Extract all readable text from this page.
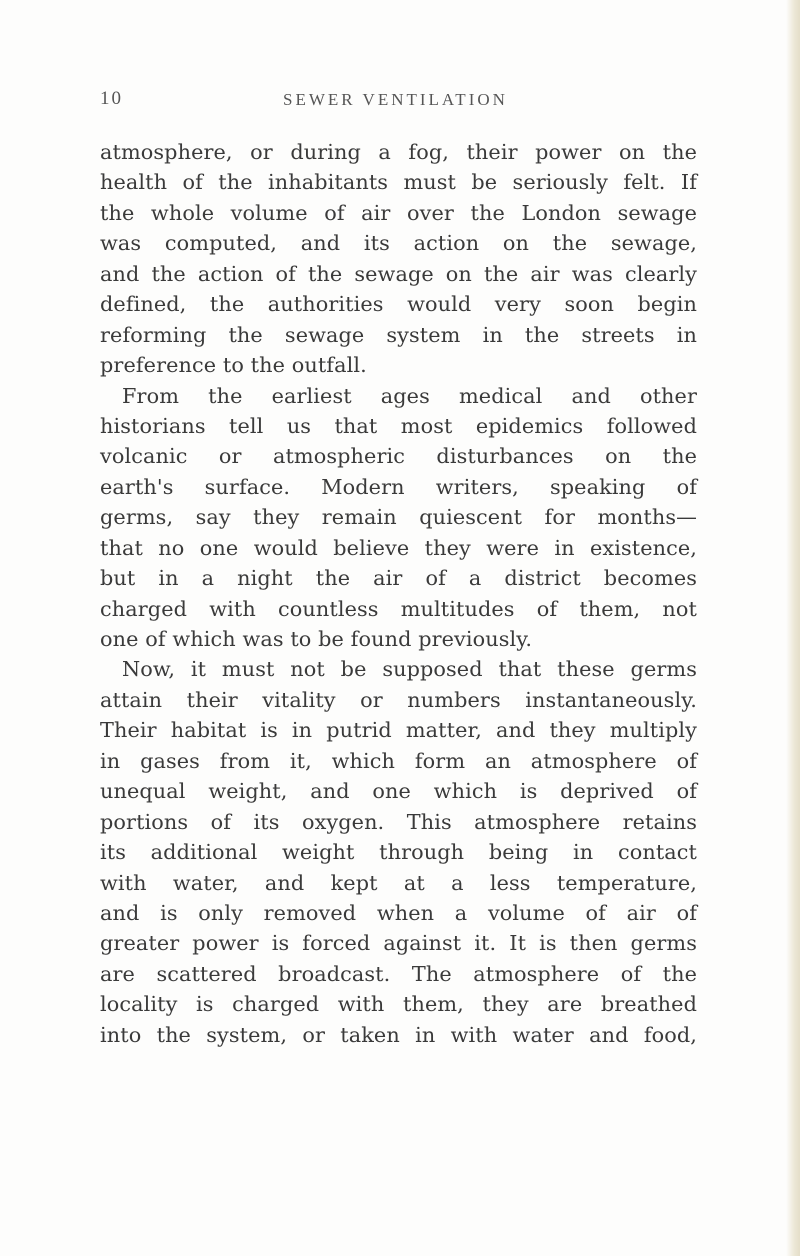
10	SEWER VENTILATION
atmosphere, or during a fog, their power on the
health of the inhabitants must be seriously felt. If
the whole volume of air over the London sewage
was computed, and its action on the sewage,
and the action of the sewage on the air was clearly
defined, the authorities would very soon begin
reforming the sewage system in the streets in
preference to the outfall.
From the earliest ages medical and other
historians tell us that most epidemics followed
volcanic or atmospheric disturbances on the
earth's surface. Modern writers, speaking of
germs, say they remain quiescent for months—
that no one would believe they were in existence,
but in a night the air of a district becomes
charged with countless multitudes of them, not
one of which was to be found previously.
Now, it must not be supposed that these germs
attain their vitality or numbers instantaneously.
Their habitat is in putrid matter, and they multiply
in gases from it, which form an atmosphere of
unequal weight, and one which is deprived of
portions of its oxygen. This atmosphere retains
its additional weight through being in contact
with water, and kept at a less temperature,
and is only removed when a volume of air of
greater power is forced against it. It is then germs
are scattered broadcast. The atmosphere of the
locality is charged with them, they are breathed
into the system, or taken in with water and food,
